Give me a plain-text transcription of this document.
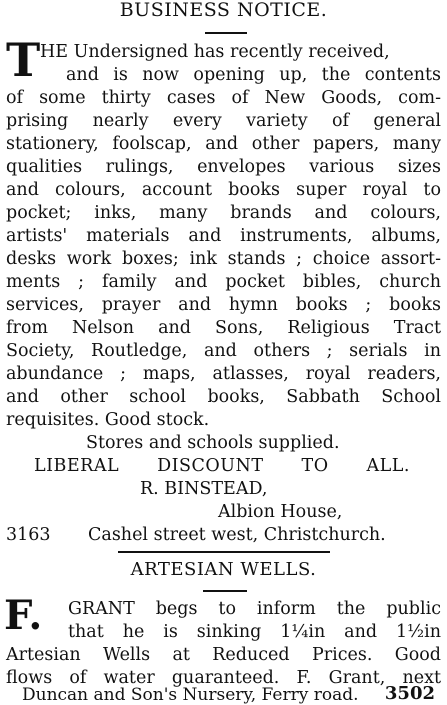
BUSINESS NOTICE.
T HE Undersigned has recently received,
and is now opening up, the contents
of some thirty cases of New Goods, com-
prising nearly every variety of general
stationery, foolscap, and other papers, many
qualities rulings, envelopes various sizes
and colours, account books super royal to
pocket; inks, many brands and colours,
artists' materials and instruments, albums,
desks work boxes; ink stands ; choice assort-
ments ; family and pocket bibles, church
services, prayer and hymn books ; books
from Nelson and Sons, Religious Tract
Society, Routledge, and others ; serials in
abundance ; maps, atlasses, royal readers,
and other school books, Sabbath School
requisites. Good stock.
Stores and schools supplied.
LIBERAL DISCOUNT TO ALL.
R. BINSTEAD,
Albion House,
3163 Cashel street west, Christchurch.
ARTESIAN WELLS.
F. GRANT begs to inform the public
that he is sinking 1¼in and 1½in
Artesian Wells at Reduced Prices. Good
flows of water guaranteed. F. Grant, next
Duncan and Son's Nursery, Ferry road. 3502
